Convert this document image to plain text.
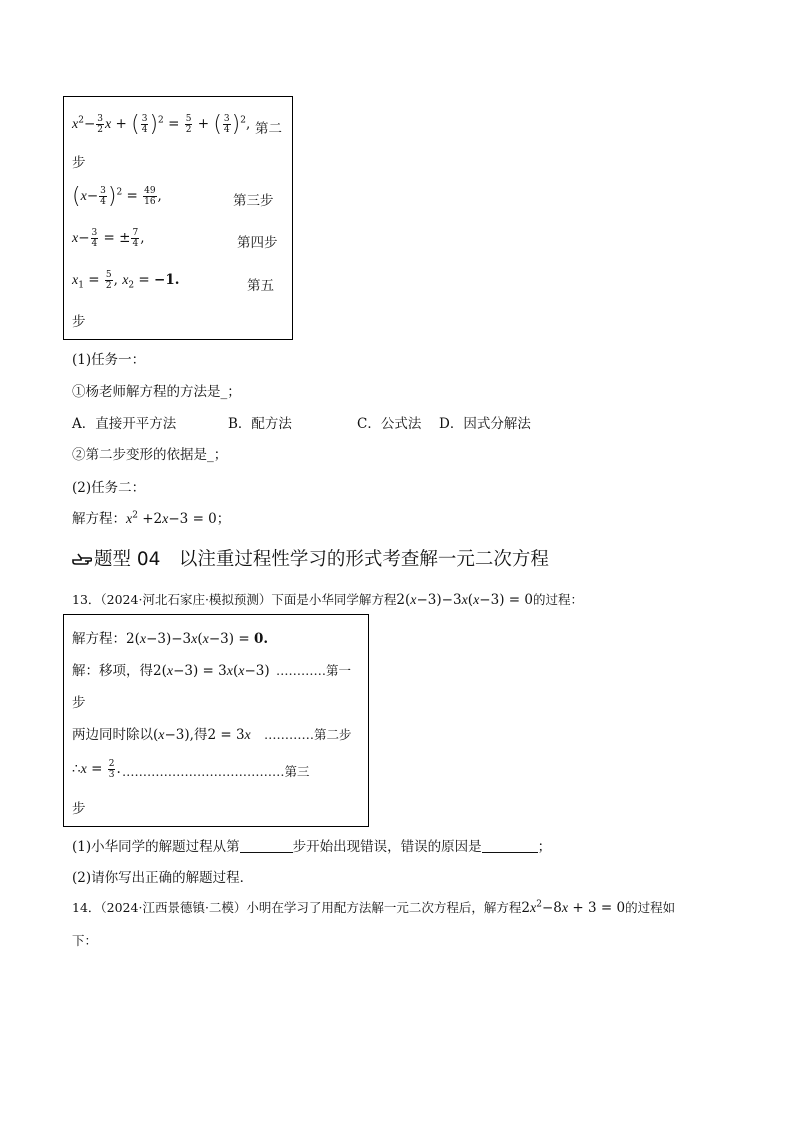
$x^2- \frac{3}{2}$ x + ( $\frac{3}{4} )^2 = \frac{5}{2}$ + ( $\frac{3}{4} )^2$, 第二
步
$(x- \frac{3}{4} )^2 = \frac{49}{16}$ ,	第三步
$x- \frac{3}{4}$ = ± $\frac{7}{4}$ ,	第四步
$x_1 = \frac{5}{2}$ , $x_2 = -1$.	第五
步
(1)任务一：
①杨老师解方程的方法是_；
A．直接开平方法	B．配方法	C．公式法 D．因式分解法
②第二步变形的依据是_；
(2)任务二：
解方程：$x^2 +2x-3 = 0$；
题型 04　以注重过程性学习的形式考查解一元二次方程
13．（2024·河北石家庄·模拟预测）下面是小华同学解方程2(x−3)−3x(x−3) = 0的过程：
解方程：2(x−3)−3x(x−3) = 0.
解：移项，得2(x−3) = 3x(x−3) …………第一
步
两边同时除以(x−3),得2 = 3x …………第二步
∴x = $\frac{2}{3}$ . …………………………………第三
步
(1)小华同学的解题过程从第	步开始出现错误，错误的原因是	；
(2)请你写出正确的解题过程．
14．（2024·江西景德镇·二模）小明在学习了用配方法解一元二次方程后，解方程$2x^2-8x + 3 = 0$的过程如
下：
